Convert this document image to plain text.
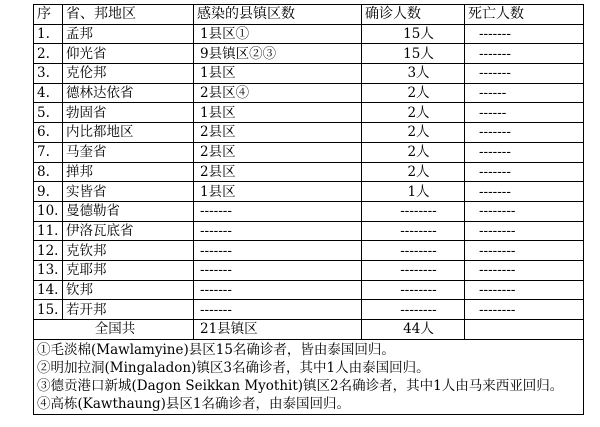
序	省、邦地区	感染的县镇区数	确诊人数	死亡人数
1.	孟邦	1县区①	15人	-------
2.	仰光省	9县镇区②③	15人	-------
3.	克伦邦	1县区	3人	-------
4.	德林达依省	2县区④	2人	------
5.	勃固省	1县区	2人	------
6.	内比都地区	2县区	2人	-------
7.	马奎省	2县区	2人	-------
8.	掸邦	2县区	2人	-------
9.	实皆省	1县区	1人	-------
10.	曼德勒省	-------	--------	--------
11.	伊洛瓦底省	-------	--------	--------
12.	克钦邦	-------	--------	--------
13.	克耶邦	-------	--------	--------
14.	钦邦	-------	--------	--------
15.	若开邦	-------	--------	--------
全国共		21县镇区	44人	

①毛淡棉(Mawlamyine)县区15名确诊者，皆由泰国回归。
②明加拉洞(Mingaladon)镇区3名确诊者，其中1人由泰国回归。
③德贡港口新城(Dagon Seikkan Myothit)镇区2名确诊者，其中1人由马来西亚回归。
④高栋(Kawthaung)县区1名确诊者，由泰国回归。				
